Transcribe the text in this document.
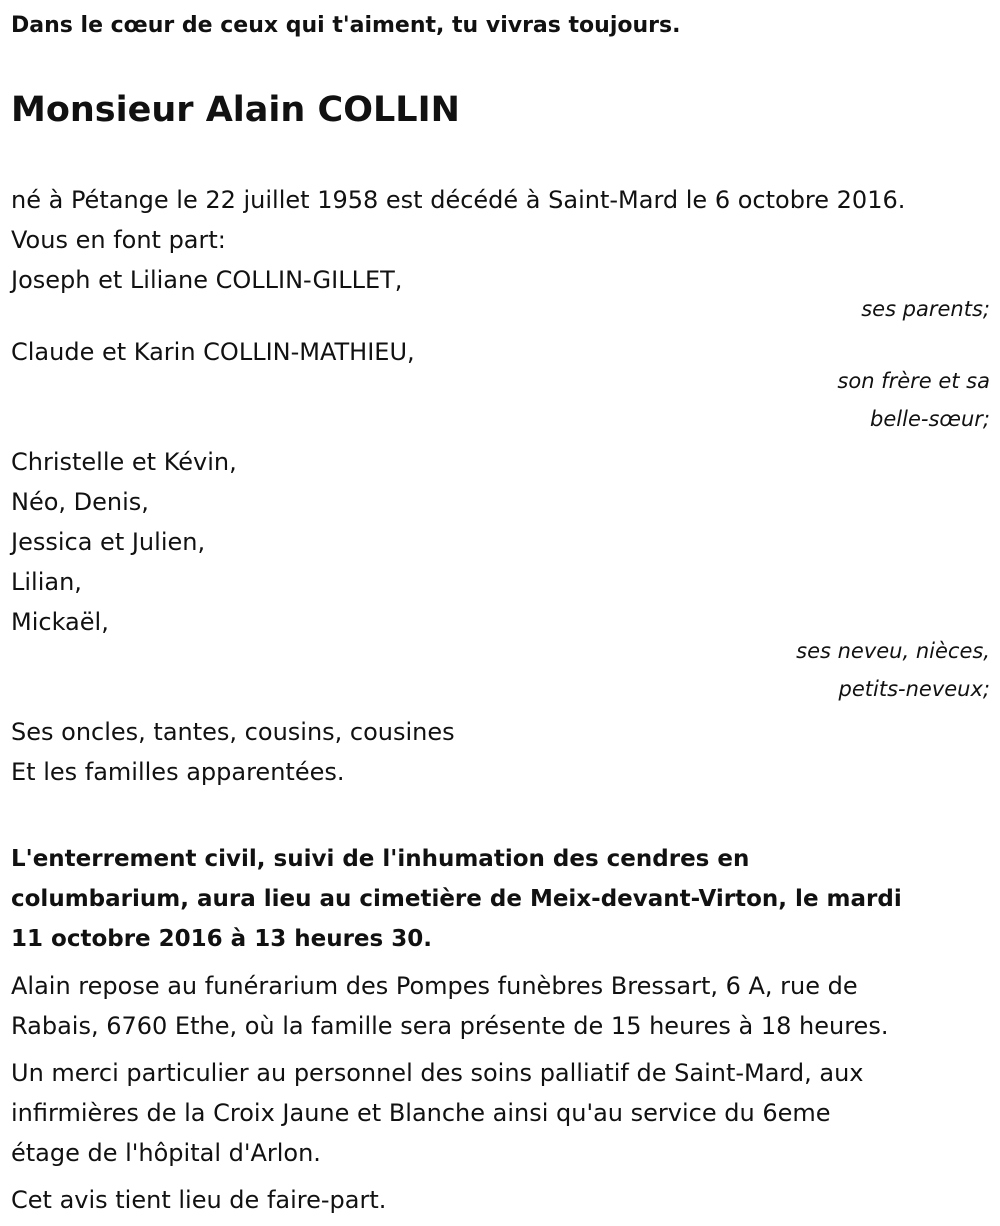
Dans le cœur de ceux qui t'aiment, tu vivras toujours.
Monsieur Alain COLLIN
né à Pétange le 22 juillet 1958 est décédé à Saint-Mard le 6 octobre 2016.
Vous en font part:
Joseph et Liliane COLLIN-GILLET,
ses parents;
Claude et Karin COLLIN-MATHIEU,
son frère et sa
belle-sœur;
Christelle et Kévin,
Néo, Denis,
Jessica et Julien,
Lilian,
Mickaël,
ses neveu, nièces,
petits-neveux;
Ses oncles, tantes, cousins, cousines
Et les familles apparentées.
L'enterrement civil, suivi de l'inhumation des cendres en
columbarium, aura lieu au cimetière de Meix-devant-Virton, le mardi
11 octobre 2016 à 13 heures 30.
Alain repose au funérarium des Pompes funèbres Bressart, 6 A, rue de
Rabais, 6760 Ethe, où la famille sera présente de 15 heures à 18 heures.
Un merci particulier au personnel des soins palliatif de Saint-Mard, aux
infirmières de la Croix Jaune et Blanche ainsi qu'au service du 6eme
étage de l'hôpital d'Arlon.
Cet avis tient lieu de faire-part.
